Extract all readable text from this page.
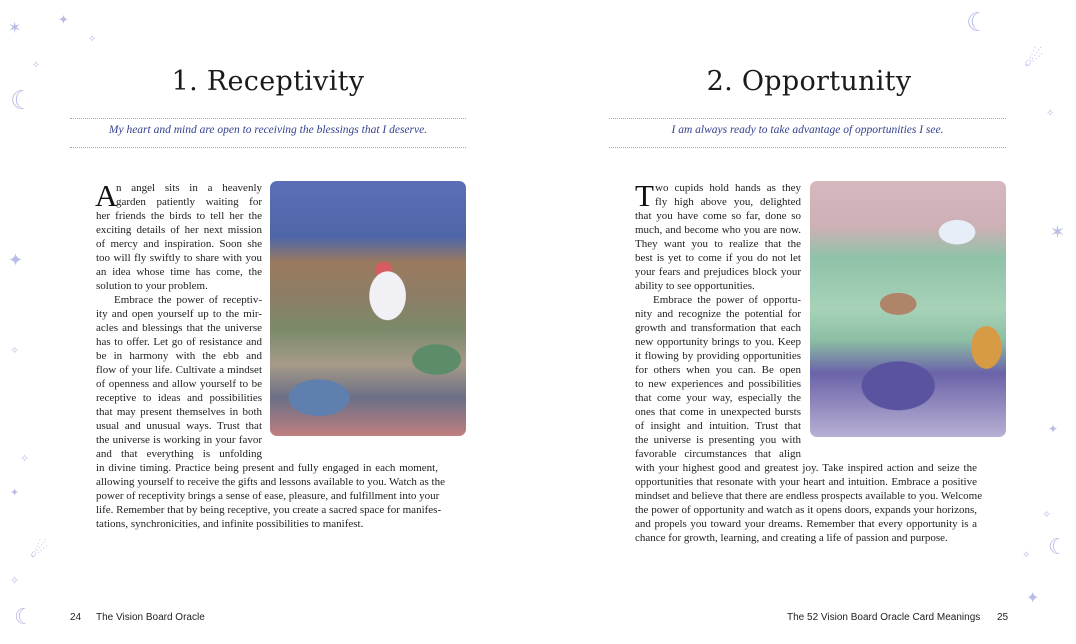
1. Receptivity
My heart and mind are open to receiving the blessings that I deserve.
A
n angel sits in a heavenly
garden patiently waiting for
her friends the birds to tell her the
exciting details of her next mission
of mercy and inspiration. Soon she
too will fly swiftly to share with you
an idea whose time has come, the
solution to your problem.
Embrace the power of receptiv-
ity and open yourself up to the mir-
acles and blessings that the universe
has to offer. Let go of resistance and
be in harmony with the ebb and
flow of your life. Cultivate a mindset
of openness and allow yourself to be
receptive to ideas and possibilities
that may present themselves in both
usual and unusual ways. Trust that
the universe is working in your favor
and that everything is unfolding
in divine timing. Practice being present and fully engaged in each moment,
allowing yourself to receive the gifts and lessons available to you. Watch as the
power of receptivity brings a sense of ease, pleasure, and fulfillment into your
life. Remember that by being receptive, you create a sacred space for manifes-
tations, synchronicities, and infinite possibilities to manifest.
24 The Vision Board Oracle
2. Opportunity
I am always ready to take advantage of opportunities I see.
T wo cupids hold hands as they
fly high above you, delighted
that you have come so far, done so
much, and become who you are now.
They want you to realize that the
best is yet to come if you do not let
your fears and prejudices block your
ability to see opportunities.
Embrace the power of opportu-
nity and recognize the potential for
growth and transformation that each
new opportunity brings to you. Keep
it flowing by providing opportunities
for others when you can. Be open
to new experiences and possibilities
that come your way, especially the
ones that come in unexpected bursts
of insight and intuition. Trust that
the universe is presenting you with
favorable circumstances that align
with your highest good and greatest joy. Take inspired action and seize the
opportunities that resonate with your heart and intuition. Embrace a positive
mindset and believe that there are endless prospects available to you. Welcome
the power of opportunity and watch as it opens doors, expands your horizons,
and propels you toward your dreams. Remember that every opportunity is a
chance for growth, learning, and creating a life of passion and purpose.
The 52 Vision Board Oracle Card Meanings 25
✶
✦
✧
✧
☾
✦
✧
✧
✦
☄
✧
☾
☾
☄
✧
✶
✦
✧
☾
✧
✦
